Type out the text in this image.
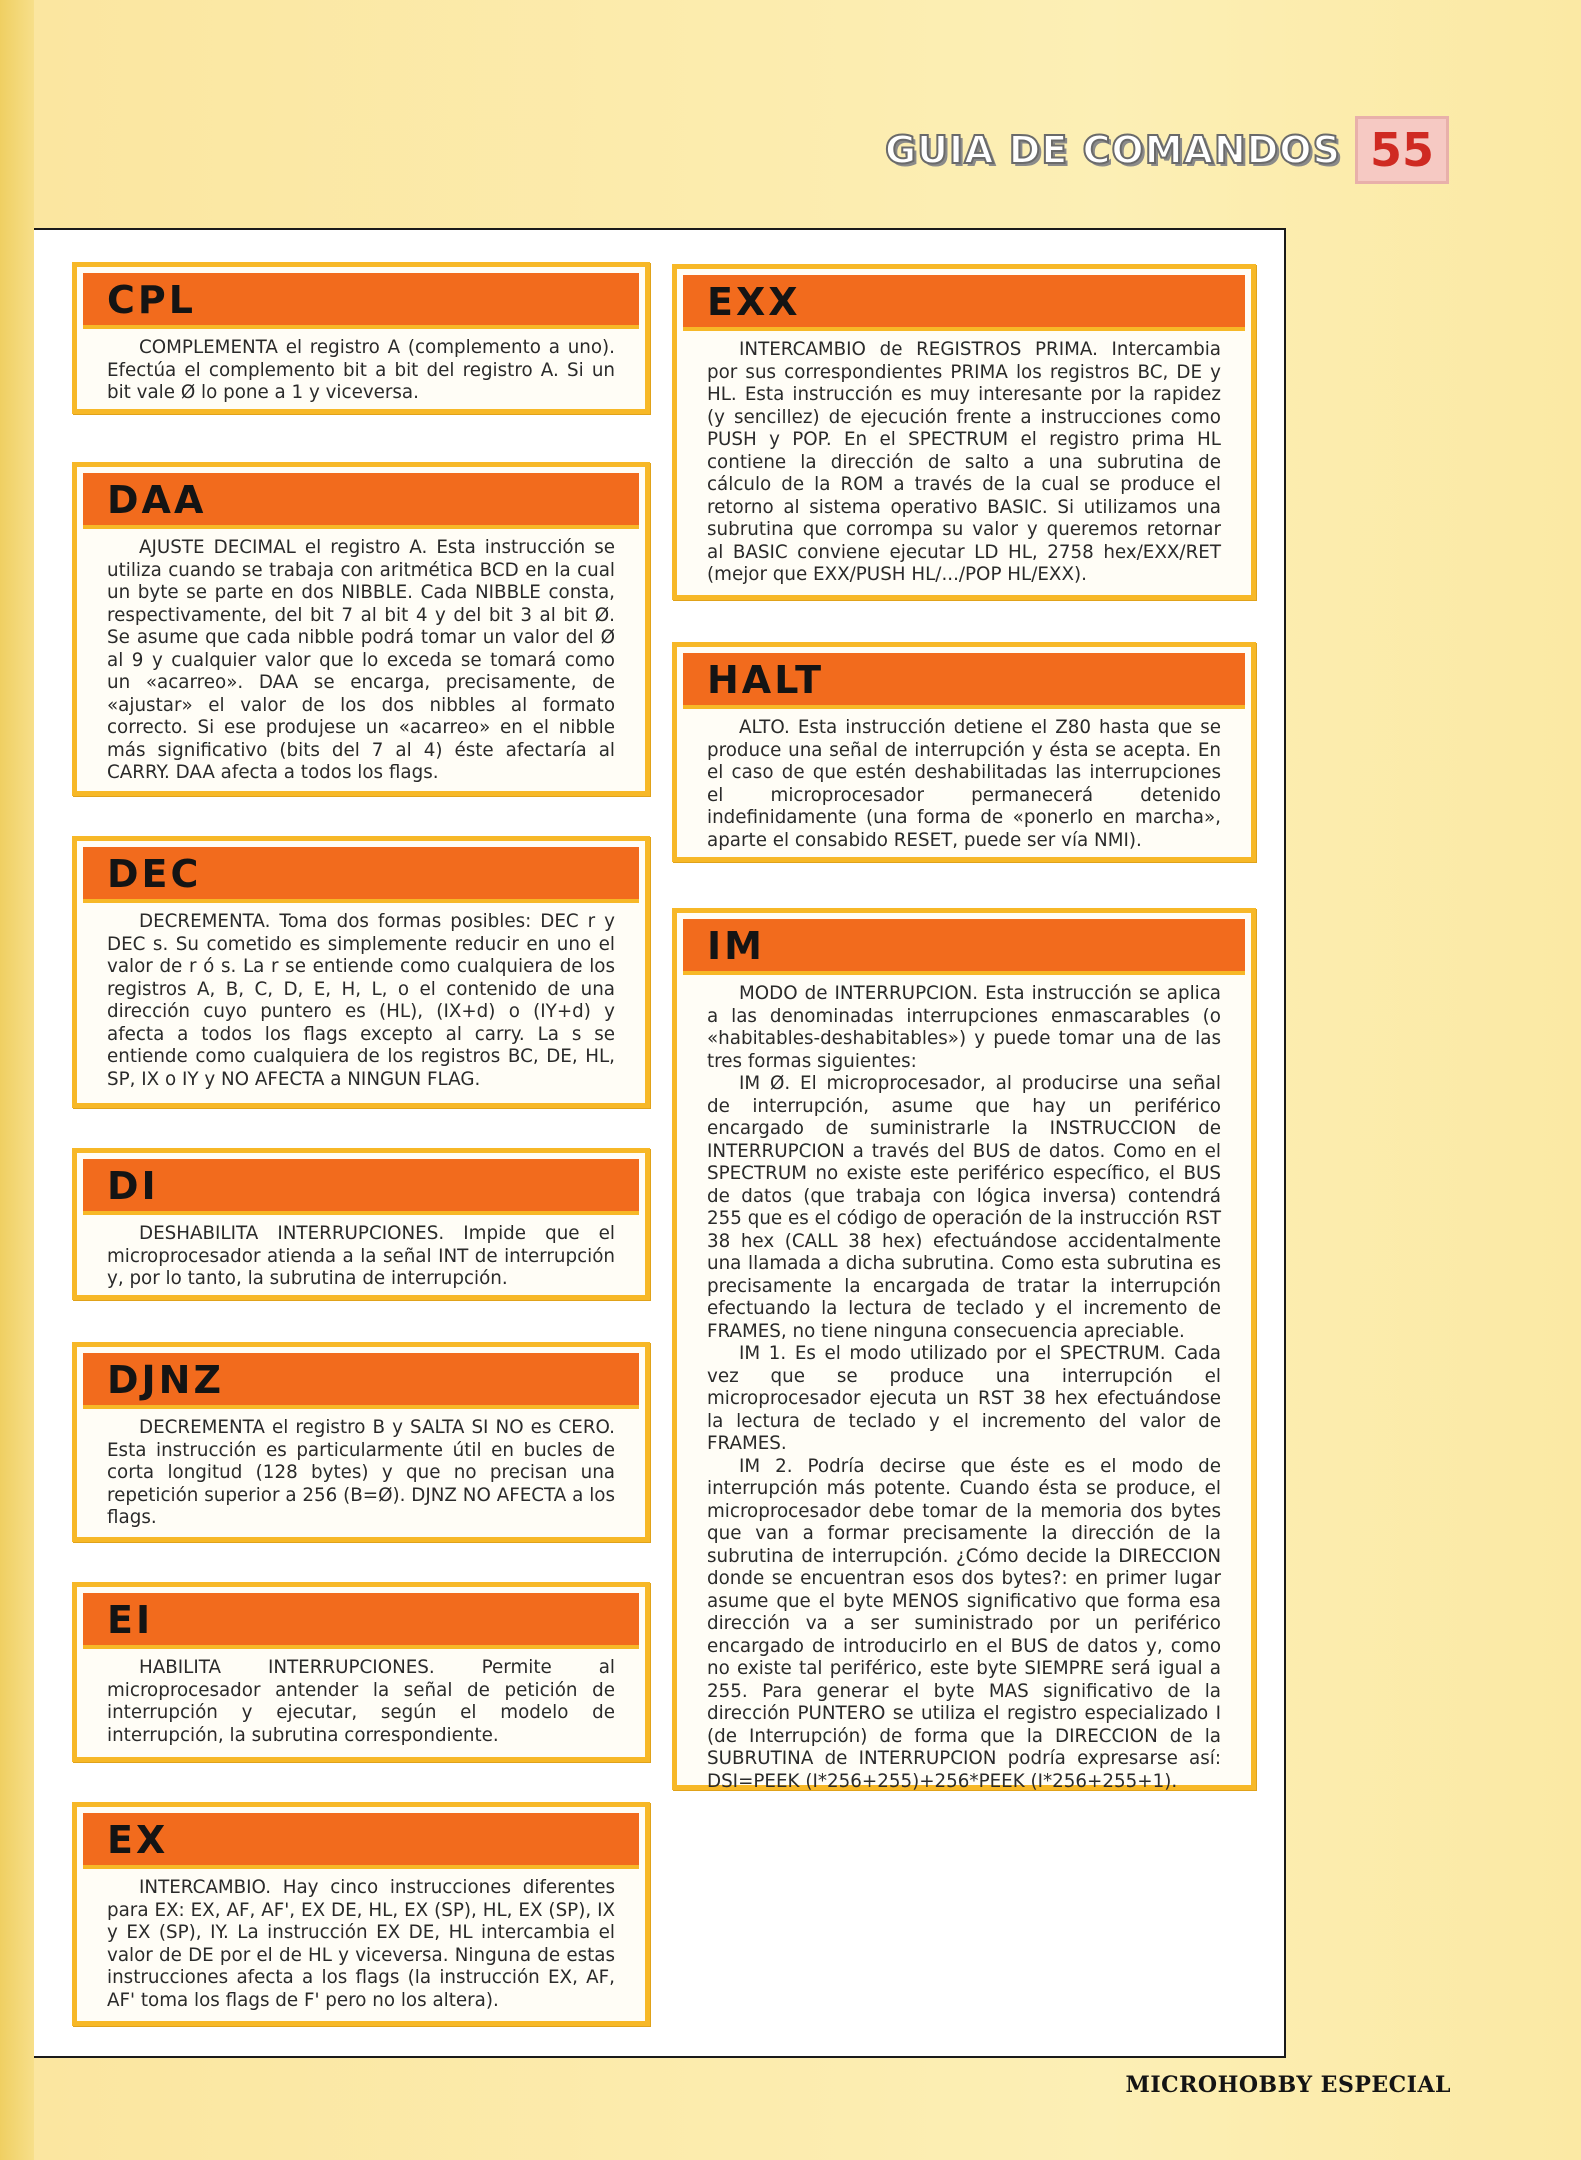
GUIA DE COMANDOS 55
CPL

COMPLEMENTA el registro A (complemento a uno). Efectúa el complemento bit a bit del registro A. Si un bit vale Ø lo pone a 1 y viceversa.

DAA

AJUSTE DECIMAL el registro A. Esta instrucción se utiliza cuando se trabaja con aritmética BCD en la cual un byte se parte en dos NIBBLE. Cada NIBBLE consta, respectivamente, del bit 7 al bit 4 y del bit 3 al bit Ø. Se asume que cada nibble podrá tomar un valor del Ø al 9 y cualquier valor que lo exceda se tomará como un «acarreo». DAA se encarga, precisamente, de «ajustar» el valor de los dos nibbles al formato correcto. Si ese produjese un «acarreo» en el nibble más significativo (bits del 7 al 4) éste afectaría al CARRY. DAA afecta a todos los flags.

DEC

DECREMENTA. Toma dos formas posibles: DEC r y DEC s. Su cometido es simplemente reducir en uno el valor de r ó s. La r se entiende como cualquiera de los registros A, B, C, D, E, H, L, o el contenido de una dirección cuyo puntero es (HL), (IX+d) o (IY+d) y afecta a todos los flags excepto al carry. La s se entiende como cualquiera de los registros BC, DE, HL, SP, IX o IY y NO AFECTA a NINGUN FLAG.

DI

DESHABILITA INTERRUPCIONES. Impide que el microprocesador atienda a la señal INT de interrupción y, por lo tanto, la subrutina de interrupción.

DJNZ

DECREMENTA el registro B y SALTA SI NO es CERO. Esta instrucción es particularmente útil en bucles de corta longitud (128 bytes) y que no precisan una repetición superior a 256 (B=Ø). DJNZ NO AFECTA a los flags.

EI

HABILITA INTERRUPCIONES. Permite al microprocesador antender la señal de petición de interrupción y ejecutar, según el modelo de interrupción, la subrutina correspondiente.

EX

INTERCAMBIO. Hay cinco instrucciones diferentes para EX: EX, AF, AF', EX DE, HL, EX (SP), HL, EX (SP), IX y EX (SP), IY. La instrucción EX DE, HL intercambia el valor de DE por el de HL y viceversa. Ninguna de estas instrucciones afecta a los flags (la instrucción EX, AF, AF' toma los flags de F' pero no los altera).

EXX

INTERCAMBIO de REGISTROS PRIMA. Intercambia por sus correspondientes PRIMA los registros BC, DE y HL. Esta instrucción es muy interesante por la rapidez (y sencillez) de ejecución frente a instrucciones como PUSH y POP. En el SPECTRUM el registro prima HL contiene la dirección de salto a una subrutina de cálculo de la ROM a través de la cual se produce el retorno al sistema operativo BASIC. Si utilizamos una subrutina que corrompa su valor y queremos retornar al BASIC conviene ejecutar LD HL, 2758 hex/EXX/RET (mejor que EXX/PUSH HL/.../POP HL/EXX).

HALT

ALTO. Esta instrucción detiene el Z80 hasta que se produce una señal de interrupción y ésta se acepta. En el caso de que estén deshabilitadas las interrupciones el microprocesador permanecerá detenido indefinidamente (una forma de «ponerlo en marcha», aparte el consabido RESET, puede ser vía NMI).

IM

MODO de INTERRUPCION. Esta instrucción se aplica a las denominadas interrupciones enmascarables (o «habitables-deshabitables») y puede tomar una de las tres formas siguientes:

IM Ø. El microprocesador, al producirse una señal de interrupción, asume que hay un periférico encargado de suministrarle la INSTRUCCION de INTERRUPCION a través del BUS de datos. Como en el SPECTRUM no existe este periférico específico, el BUS de datos (que trabaja con lógica inversa) contendrá 255 que es el código de operación de la instrucción RST 38 hex (CALL 38 hex) efectuándose accidentalmente una llamada a dicha subrutina. Como esta subrutina es precisamente la encargada de tratar la interrupción efectuando la lectura de teclado y el incremento de FRAMES, no tiene ninguna consecuencia apreciable.

IM 1. Es el modo utilizado por el SPECTRUM. Cada vez que se produce una interrupción el microprocesador ejecuta un RST 38 hex efectuándose la lectura de teclado y el incremento del valor de FRAMES.

IM 2. Podría decirse que éste es el modo de interrupción más potente. Cuando ésta se produce, el microprocesador debe tomar de la memoria dos bytes que van a formar precisamente la dirección de la subrutina de interrupción. ¿Cómo decide la DIRECCION donde se encuentran esos dos bytes?: en primer lugar asume que el byte MENOS significativo que forma esa dirección va a ser suministrado por un periférico encargado de introducirlo en el BUS de datos y, como no existe tal periférico, este byte SIEMPRE será igual a 255. Para generar el byte MAS significativo de la dirección PUNTERO se utiliza el registro especializado I (de Interrupción) de forma que la DIRECCION de la SUBRUTINA de INTERRUPCION podría expresarse así: DSI=PEEK (I*256+255)+256*PEEK (I*256+255+1).

MICROHOBBY ESPECIAL
